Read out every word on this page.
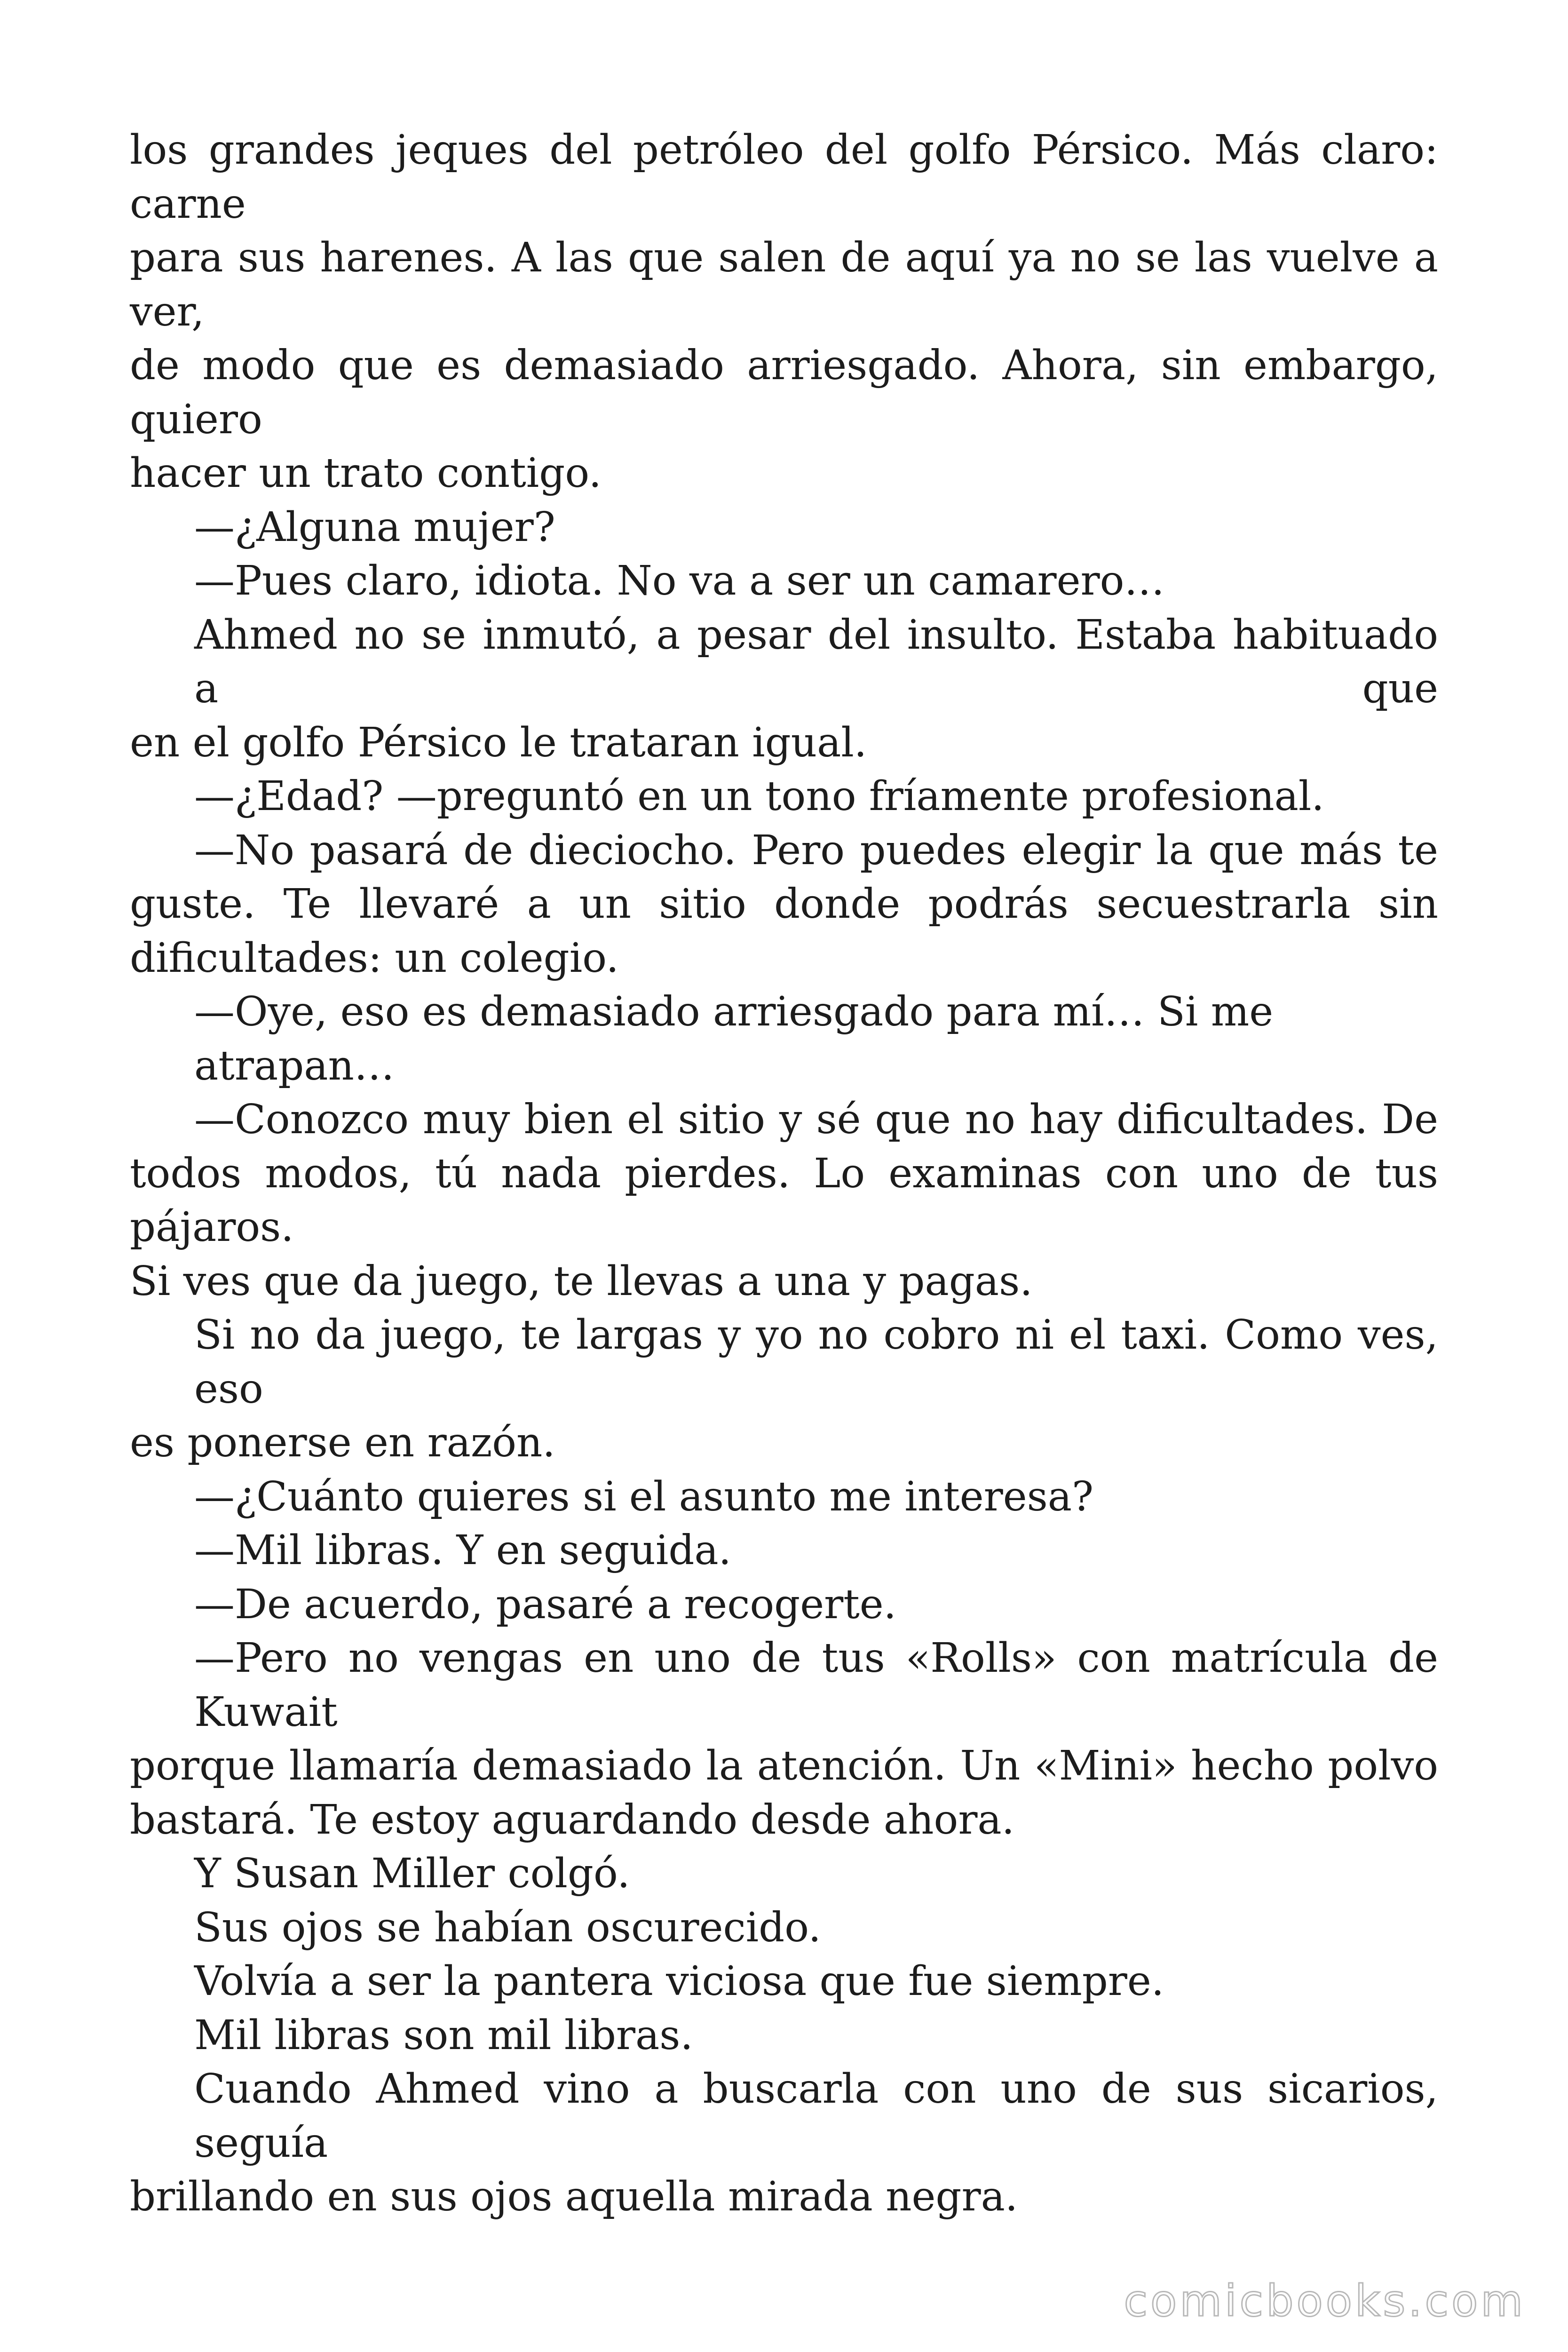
los grandes jeques del petróleo del golfo Pérsico. Más claro: carne

para sus harenes. A las que salen de aquí ya no se las vuelve a ver,

de modo que es demasiado arriesgado. Ahora, sin embargo, quiero

hacer un trato contigo.

—¿Alguna mujer?

—Pues claro, idiota. No va a ser un camarero…

Ahmed no se inmutó, a pesar del insulto. Estaba habituado a que

en el golfo Pérsico le trataran igual.

—¿Edad? —preguntó en un tono fríamente profesional.

—No pasará de dieciocho. Pero puedes elegir la que más te

guste. Te llevaré a un sitio donde podrás secuestrarla sin

dificultades: un colegio.

—Oye, eso es demasiado arriesgado para mí… Si me atrapan…

—Conozco muy bien el sitio y sé que no hay dificultades. De

todos modos, tú nada pierdes. Lo examinas con uno de tus pájaros.

Si ves que da juego, te llevas a una y pagas.

Si no da juego, te largas y yo no cobro ni el taxi. Como ves, eso

es ponerse en razón.

—¿Cuánto quieres si el asunto me interesa?

—Mil libras. Y en seguida.

—De acuerdo, pasaré a recogerte.

—Pero no vengas en uno de tus «Rolls» con matrícula de Kuwait

porque llamaría demasiado la atención. Un «Mini» hecho polvo

bastará. Te estoy aguardando desde ahora.

Y Susan Miller colgó.

Sus ojos se habían oscurecido.

Volvía a ser la pantera viciosa que fue siempre.

Mil libras son mil libras.

Cuando Ahmed vino a buscarla con uno de sus sicarios, seguía

brillando en sus ojos aquella mirada negra.

comicbooks.com
